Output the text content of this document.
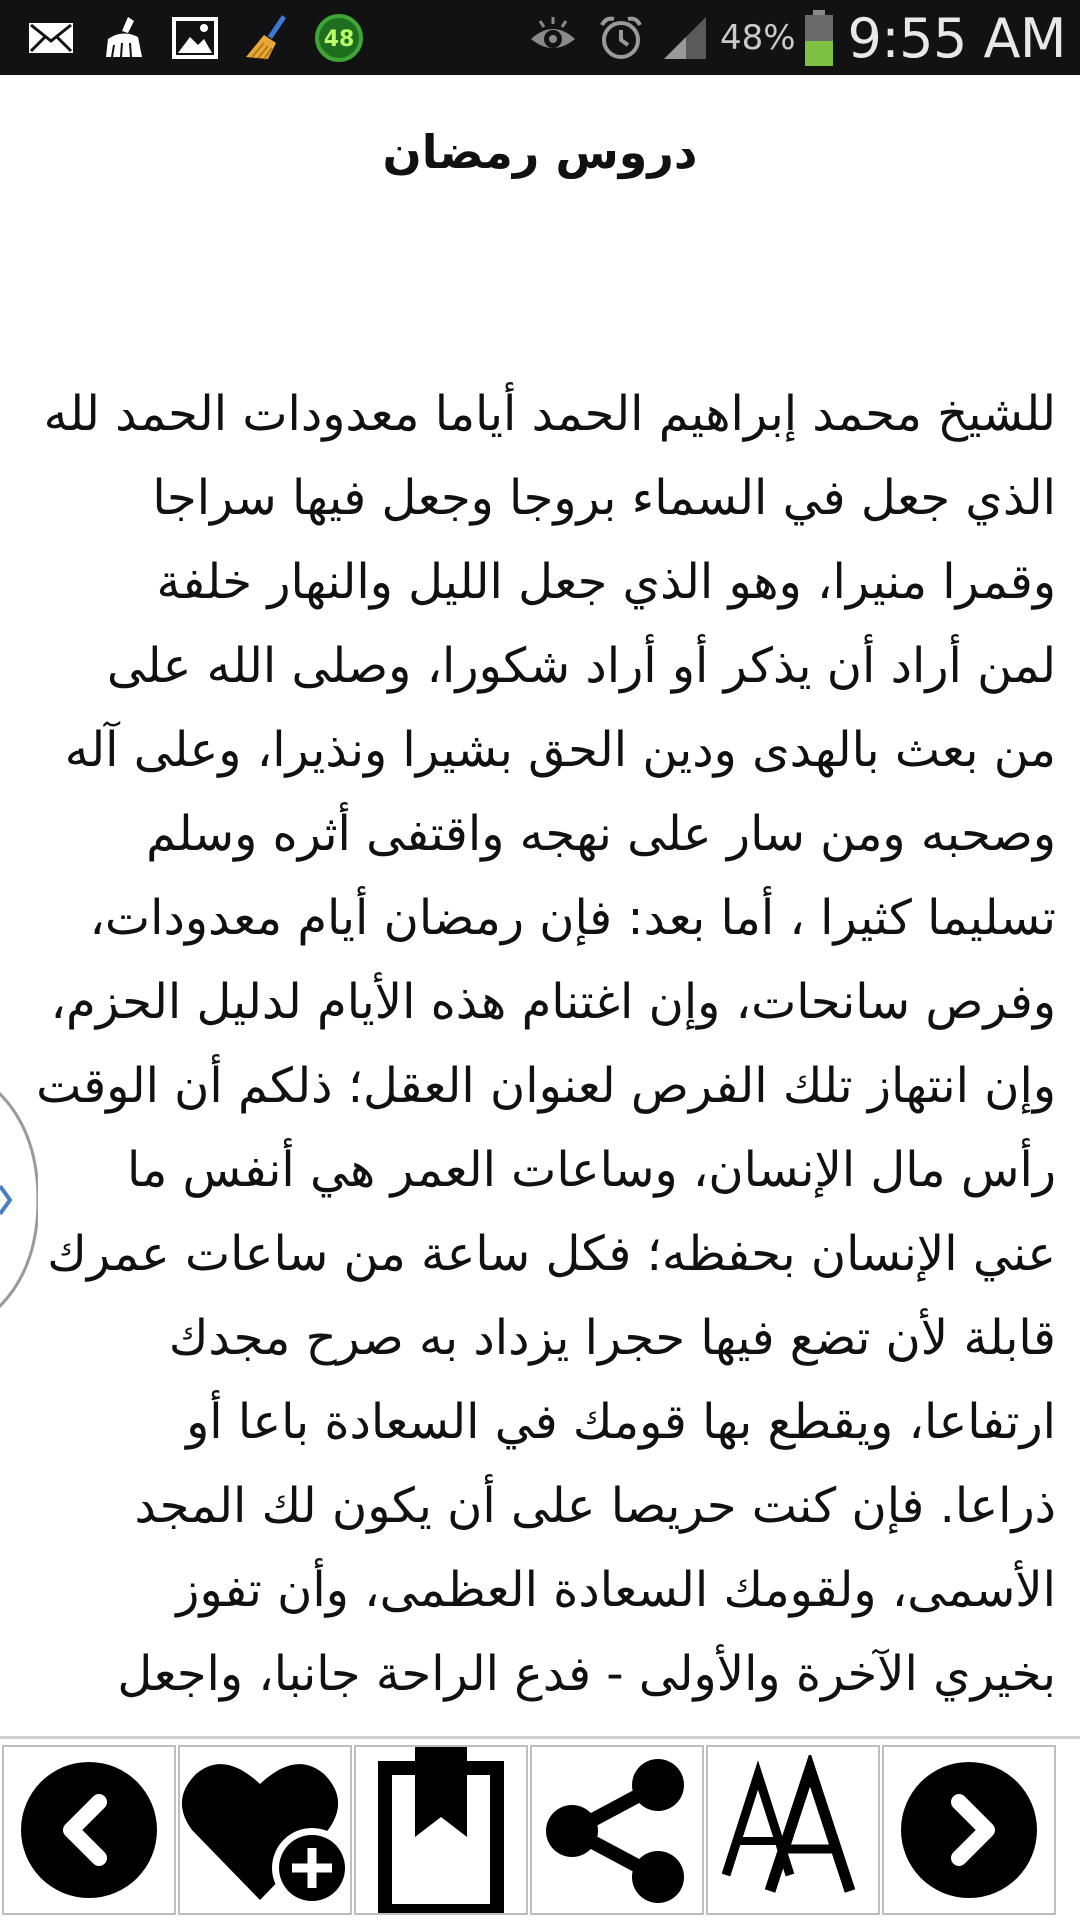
48	48% 9:55 AM
دروس رمضان
للشيخ محمد إبراهيم الحمد أياما معدودات الحمد لله
الذي جعل في السماء بروجا وجعل فيها سراجا
وقمرا منيرا، وهو الذي جعل الليل والنهار خلفة
لمن أراد أن يذكر أو أراد شكورا، وصلى الله على
من بعث بالهدى ودين الحق بشيرا ونذيرا، وعلى آله
وصحبه ومن سار على نهجه واقتفى أثره وسلم
تسليما كثيرا ، أما بعد: فإن رمضان أيام معدودات،
وفرص سانحات، وإن اغتنام هذه الأيام لدليل الحزم،
وإن انتهاز تلك الفرص لعنوان العقل؛ ذلكم أن الوقت
رأس مال الإنسان، وساعات العمر هي أنفس ما
عني الإنسان بحفظه؛ فكل ساعة من ساعات عمرك
قابلة لأن تضع فيها حجرا يزداد به صرح مجدك
ارتفاعا، ويقطع بها قومك في السعادة باعا أو
ذراعا. فإن كنت حريصا على أن يكون لك المجد
الأسمى، ولقومك السعادة العظمى، وأن تفوز
بخيري الآخرة والأولى - فدع الراحة جانبا، واجعل
